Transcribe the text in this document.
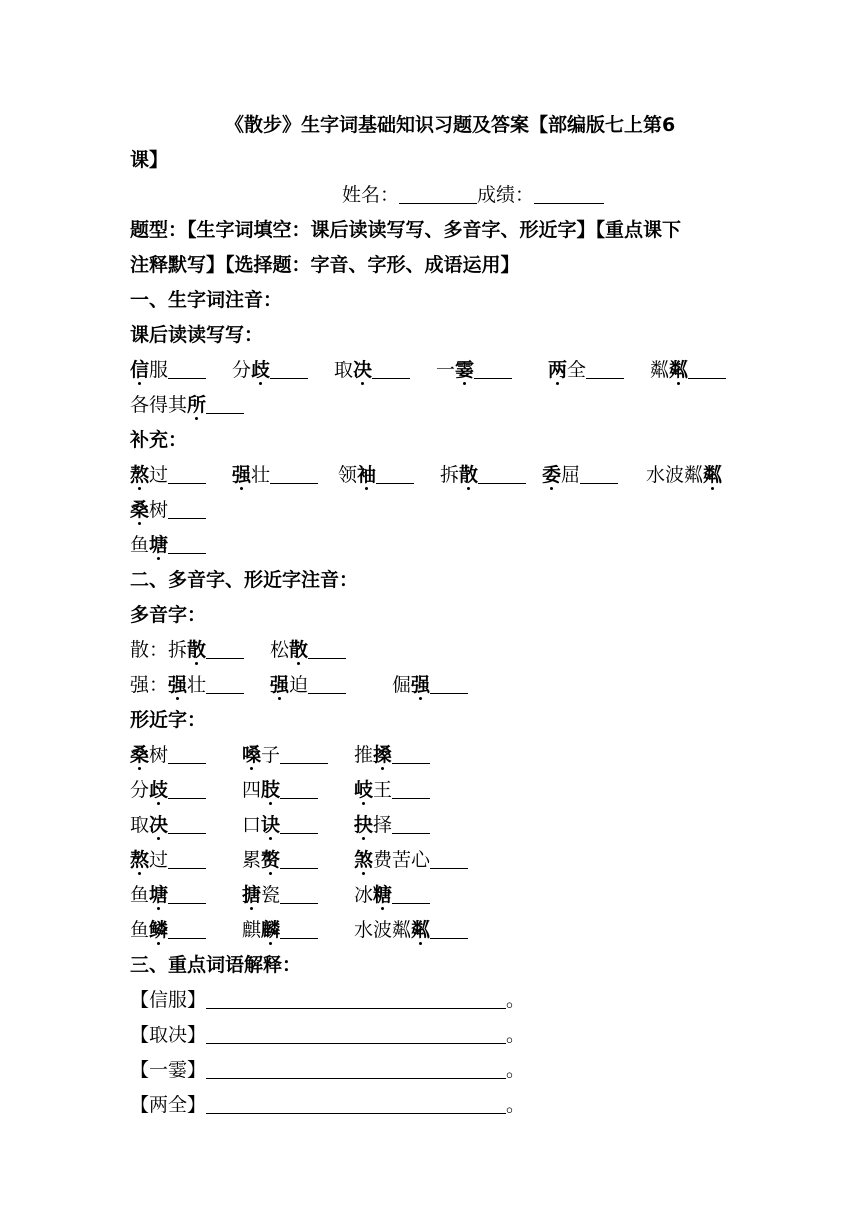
《散步》生字词基础知识习题及答案【部编版七上第6
课】
姓名：	成绩：
题型：【生字词填空：课后读读写写、多音字、形近字】【重点课下
注释默写】【选择题：字音、字形、成语运用】
一、生字词注音：
课后读读写写：
信服	分歧	取决	一霎	两全	粼粼
各得其所
补充：
熬过	强壮	领袖	拆散	委屈	水波粼粼
桑树
鱼塘
二、多音字、形近字注音：
多音字：
散：拆散	松散
强：强壮	强迫	倔强
形近字：
桑树	嗓子	推搡
分歧	四肢	岐王
取决	口诀	抉择
熬过	累赘	煞费苦心
鱼塘	搪瓷	冰糖
鱼鳞	麒麟	水波粼粼
三、重点词语解释：
【信服】	。
【取决】	。
【一霎】	。
【两全】	。
